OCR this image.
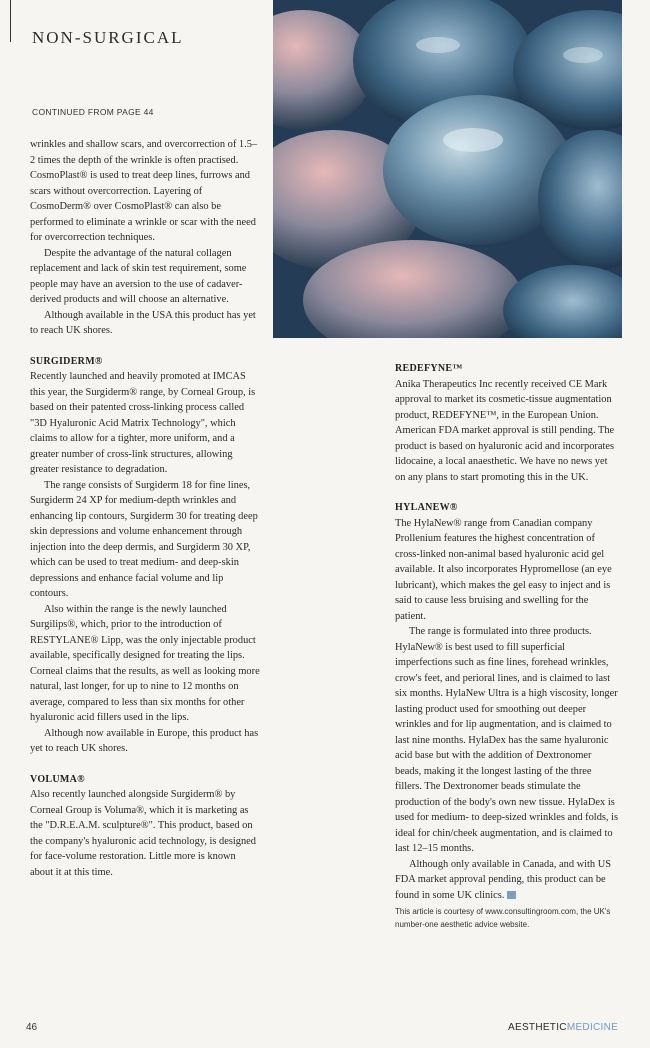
NON-SURGICAL
CONTINUED FROM PAGE 44

wrinkles and shallow scars, and overcorrection of 1.5–2 times the depth of the wrinkle is often practised. CosmoPlast® is used to treat deep lines, furrows and scars without overcorrection. Layering of CosmoDerm® over CosmoPlast® can also be performed to eliminate a wrinkle or scar with the need for overcorrection techniques.

Despite the advantage of the natural collagen replacement and lack of skin test requirement, some people may have an aversion to the use of cadaver-derived products and will choose an alternative.

Although available in the USA this product has yet to reach UK shores.

SURGIDERM®

Recently launched and heavily promoted at IMCAS this year, the Surgiderm® range, by Corneal Group, is based on their patented cross-linking process called "3D Hyaluronic Acid Matrix Technology", which claims to allow for a tighter, more uniform, and a greater number of cross-link structures, allowing greater resistance to degradation.

The range consists of Surgiderm 18 for fine lines, Surgiderm 24 XP for medium-depth wrinkles and enhancing lip contours, Surgiderm 30 for treating deep skin depressions and volume enhancement through injection into the deep dermis, and Surgiderm 30 XP, which can be used to treat medium- and deep-skin depressions and enhance facial volume and lip contours.

Also within the range is the newly launched Surgilips®, which, prior to the introduction of RESTYLANE® Lipp, was the only injectable product available, specifically designed for treating the lips. Corneal claims that the results, as well as looking more natural, last longer, for up to nine to 12 months on average, compared to less than six months for other hyaluronic acid fillers used in the lips.

Although now available in Europe, this product has yet to reach UK shores.

VOLUMA®

Also recently launched alongside Surgiderm® by Corneal Group is Voluma®, which it is marketing as the "D.R.E.A.M. sculpture®". This product, based on the company's hyaluronic acid technology, is designed for face-volume restoration. Little more is known about it at this time.

REDEFYNE™

Anika Therapeutics Inc recently received CE Mark approval to market its cosmetic-tissue augmentation product, REDEFYNE™, in the European Union. American FDA market approval is still pending. The product is based on hyaluronic acid and incorporates lidocaine, a local anaesthetic. We have no news yet on any plans to start promoting this in the UK.

HYLANEW®

The HylaNew® range from Canadian company Prollenium features the highest concentration of cross-linked non-animal based hyaluronic acid gel available. It also incorporates Hypromellose (an eye lubricant), which makes the gel easy to inject and is said to cause less bruising and swelling for the patient.

The range is formulated into three products. HylaNew® is best used to fill superficial imperfections such as fine lines, forehead wrinkles, crow's feet, and perioral lines, and is claimed to last six months. HylaNew Ultra is a high viscosity, longer lasting product used for smoothing out deeper wrinkles and for lip augmentation, and is claimed to last nine months. HylaDex has the same hyaluronic acid base but with the addition of Dextronomer beads, making it the longest lasting of the three fillers. The Dextronomer beads stimulate the production of the body's own new tissue. HylaDex is used for medium- to deep-sized wrinkles and folds, is ideal for chin/cheek augmentation, and is claimed to last 12–15 months.

Although only available in Canada, and with US FDA market approval pending, this product can be found in some UK clinics.

This article is courtesy of www.consultingroom.com, the UK's number-one aesthetic advice website.
46	AESTHETICMEDICINE
